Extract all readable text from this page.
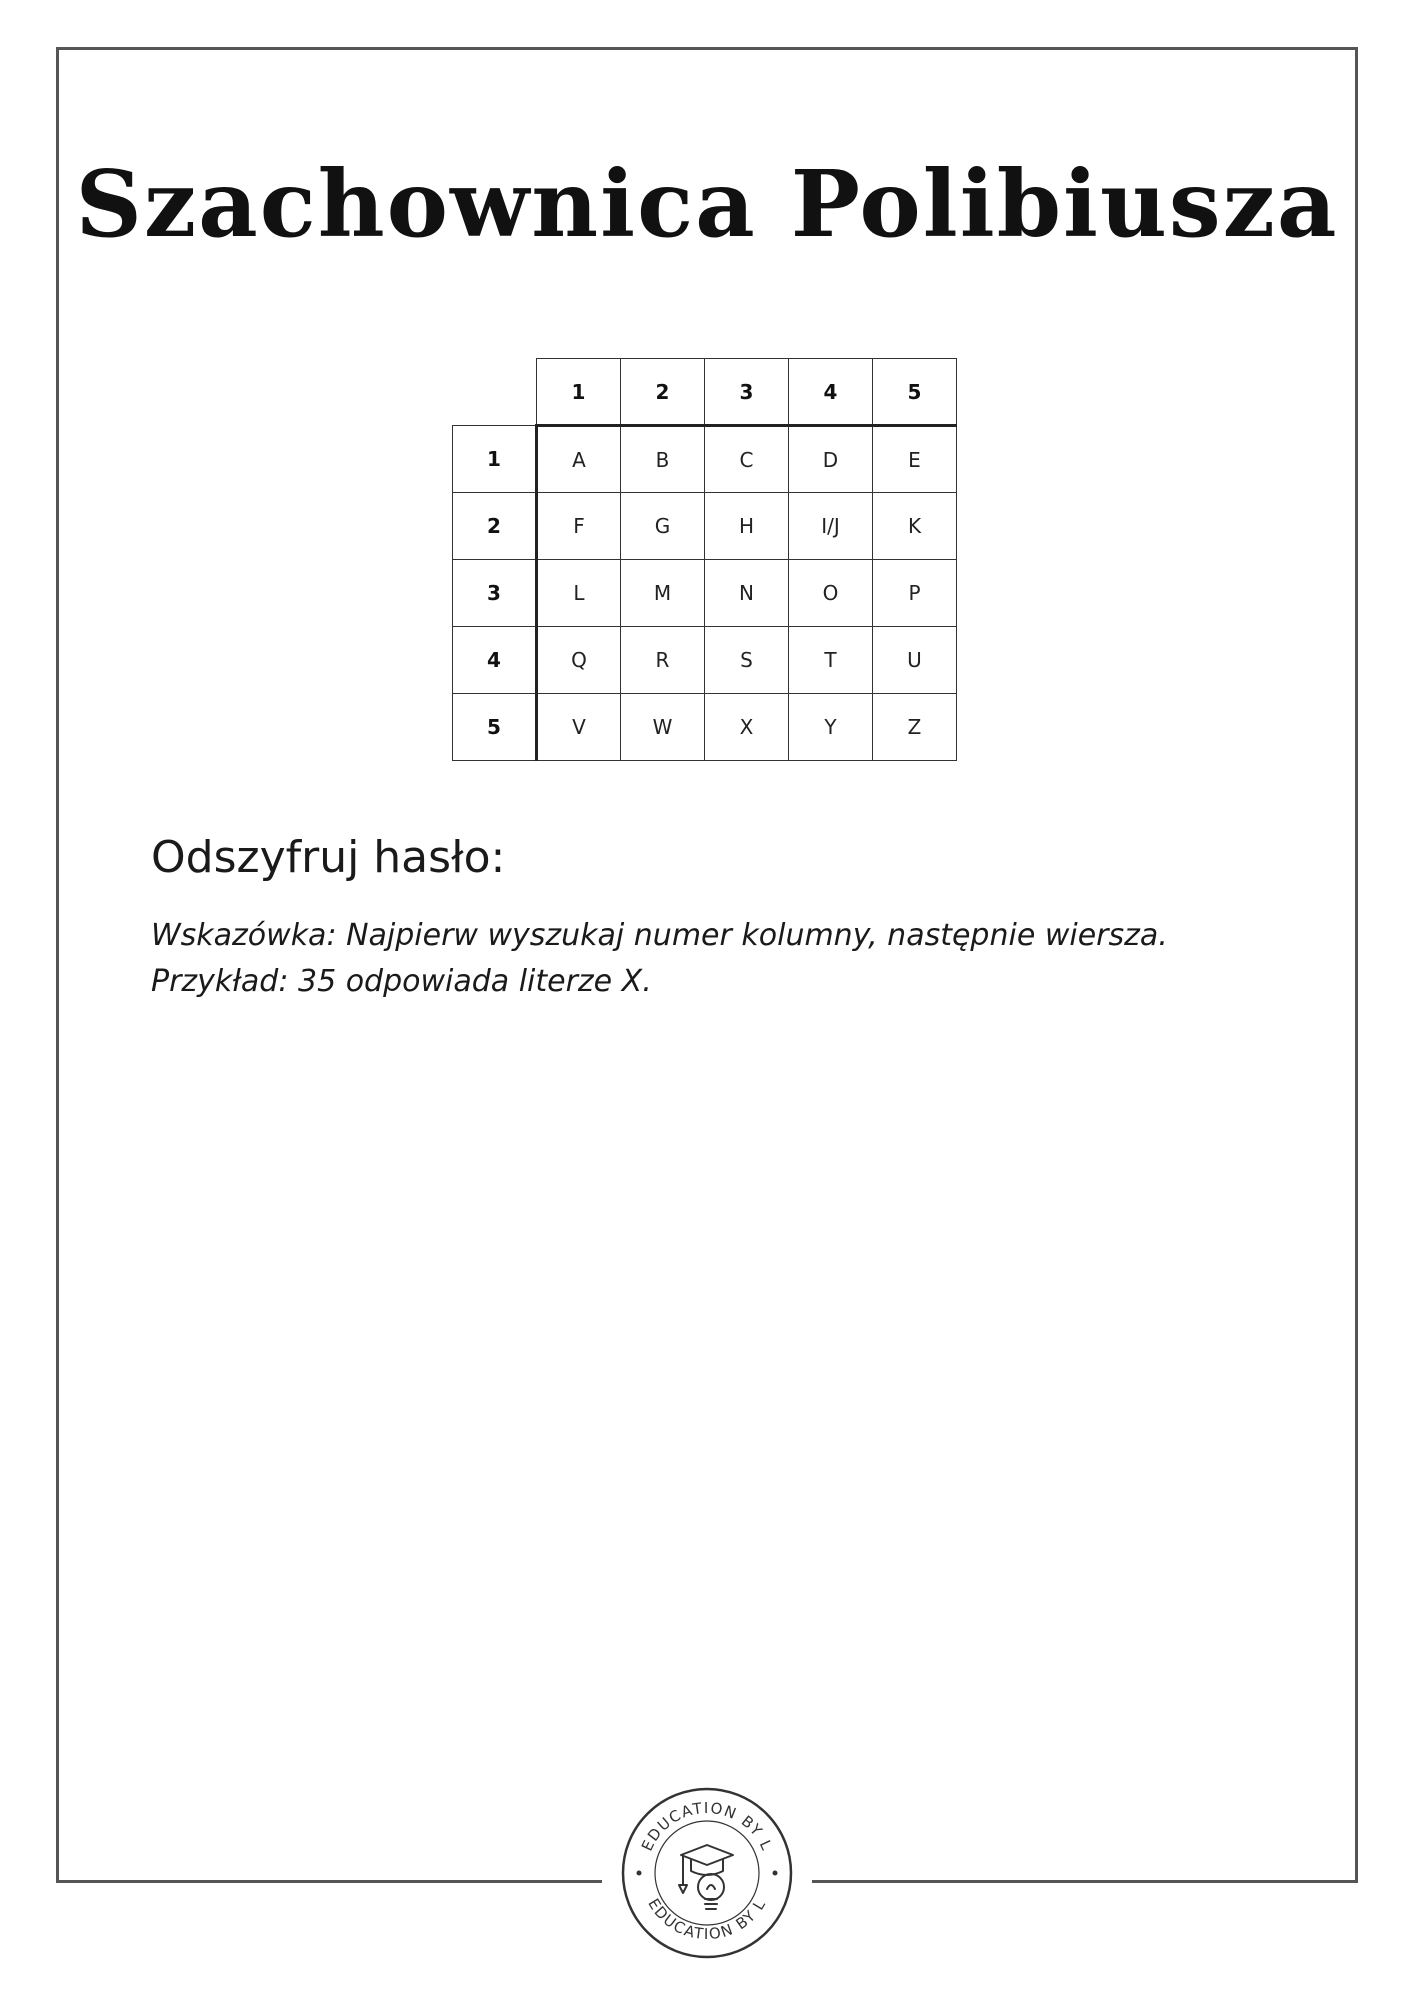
Szachownica Polibiusza
	1	2	3	4	5
1	A	B	C	D	E
2	F	G	H	I/J	K
3	L	M	N	O	P
4	Q	R	S	T	U
5	V	W	X	Y	Z
Odszyfruj hasło:
Wskazówka: Najpierw wyszukaj numer kolumny, następnie wiersza.
Przykład: 35 odpowiada literze X.
EDUCATION BY L
EDUCATION BY L
